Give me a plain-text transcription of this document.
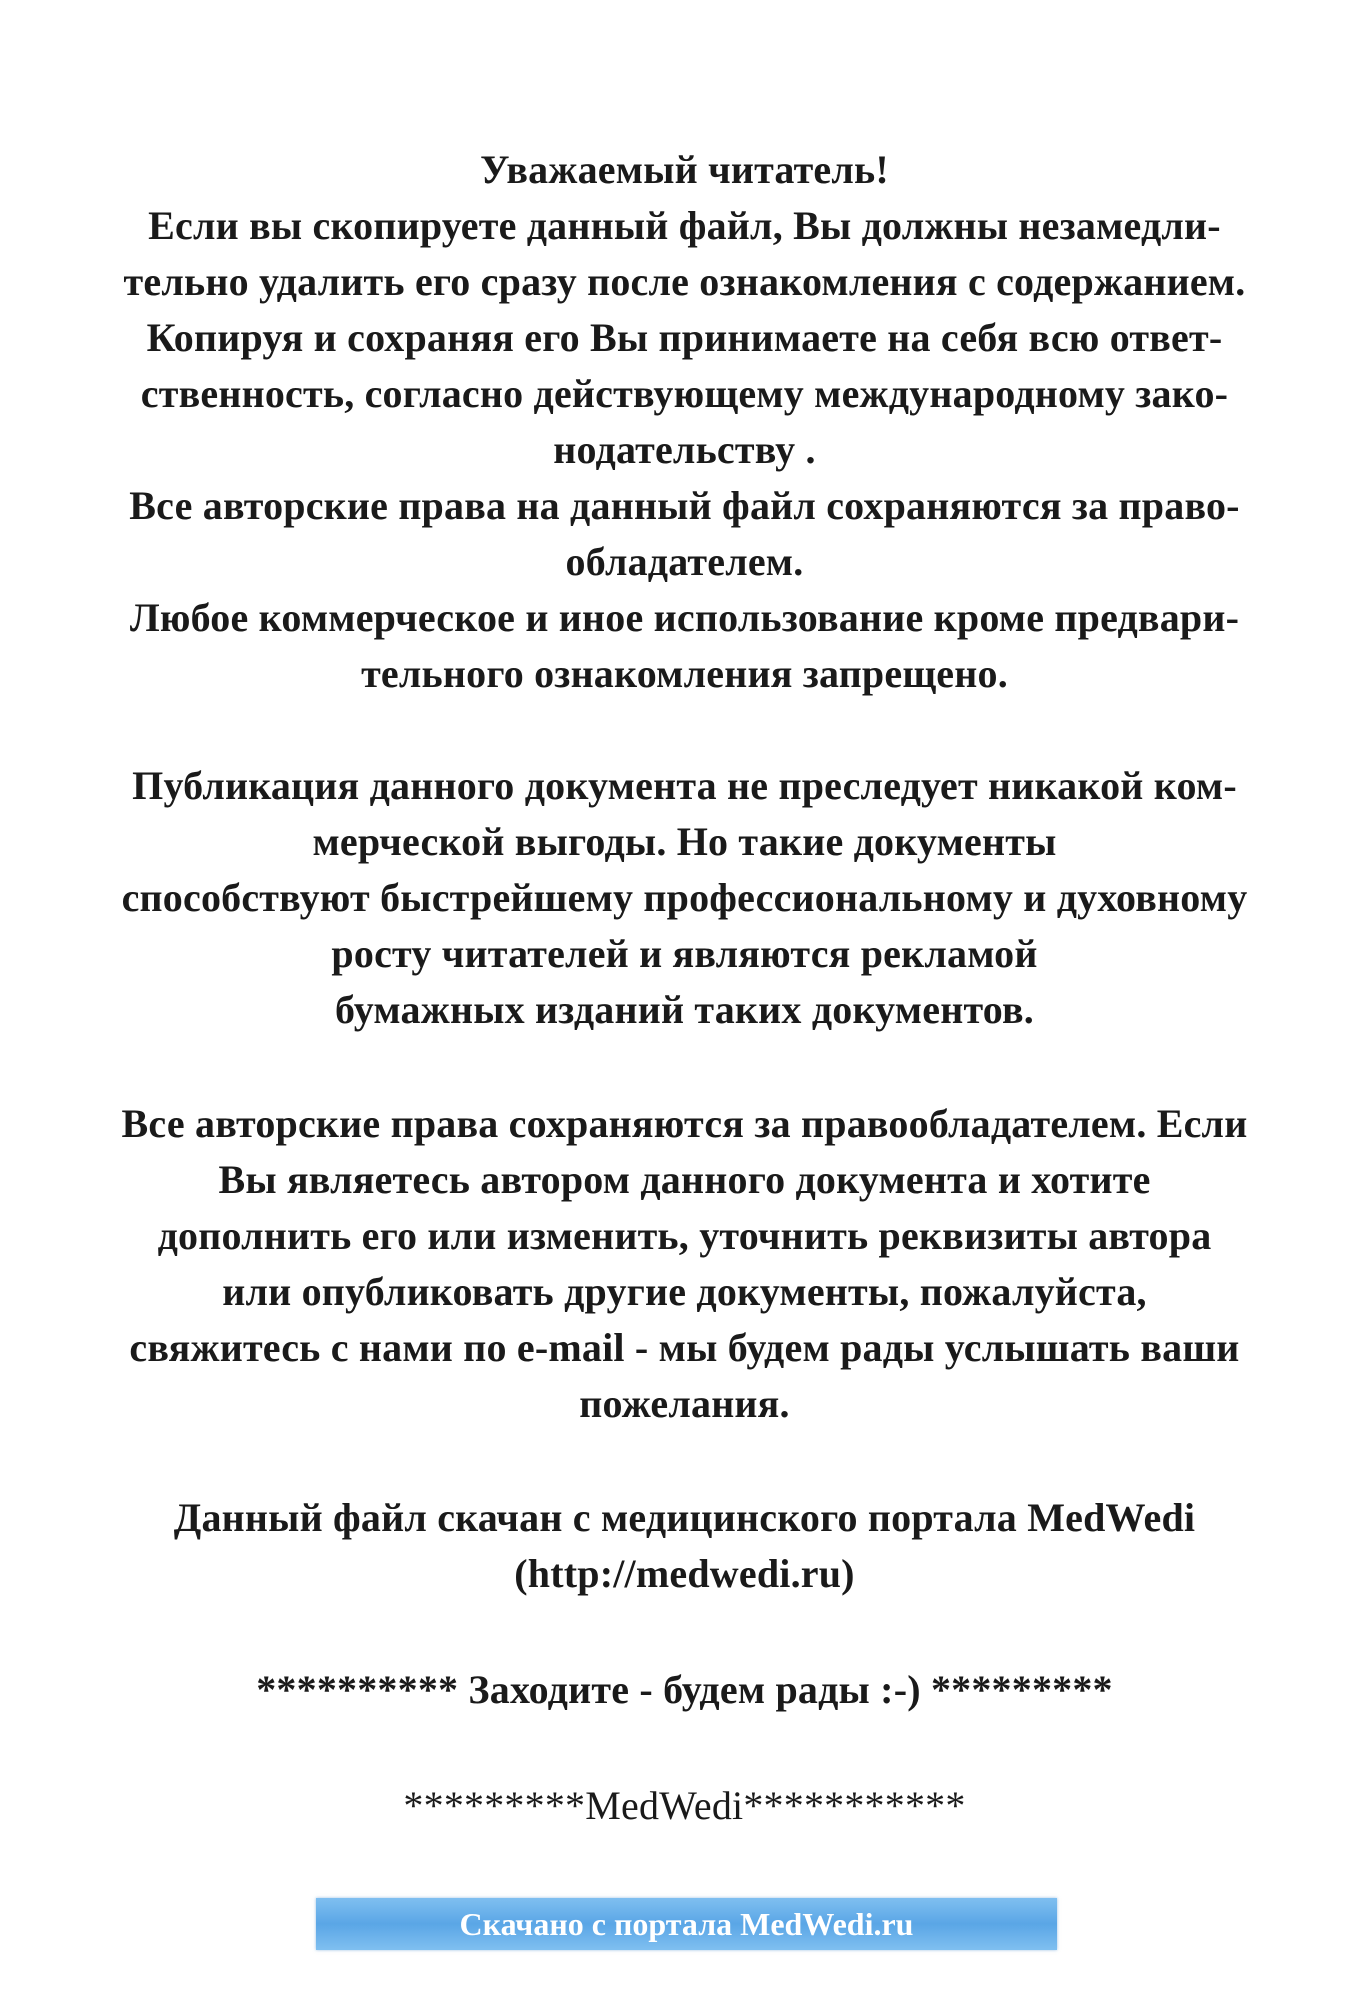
Уважаемый читатель!
Если вы скопируете данный файл, Вы должны незамедли-
тельно удалить его сразу после ознакомления с содержанием.
Копируя и сохраняя его Вы принимаете на себя всю ответ-
ственность, согласно действующему международному зако-
нодательству .
Все авторские права на данный файл сохраняются за право-
обладателем.
Любое коммерческое и иное использование кроме предвари-
тельного ознакомления запрещено.
Публикация данного документа не преследует никакой ком-
мерческой выгоды. Но такие документы
способствуют быстрейшему профессиональному и духовному
росту читателей и являются рекламой
бумажных изданий таких документов.
Все авторские права сохраняются за правообладателем. Если
Вы являетесь автором данного документа и хотите
дополнить его или изменить, уточнить реквизиты автора
или опубликовать другие документы, пожалуйста,
свяжитесь с нами по e-mail - мы будем рады услышать ваши
пожелания.
Данный файл скачан с медицинского портала MedWedi
(http://medwedi.ru)
********** Заходите - будем рады :-) *********
*********MedWedi***********
Скачано с портала MedWedi.ru
